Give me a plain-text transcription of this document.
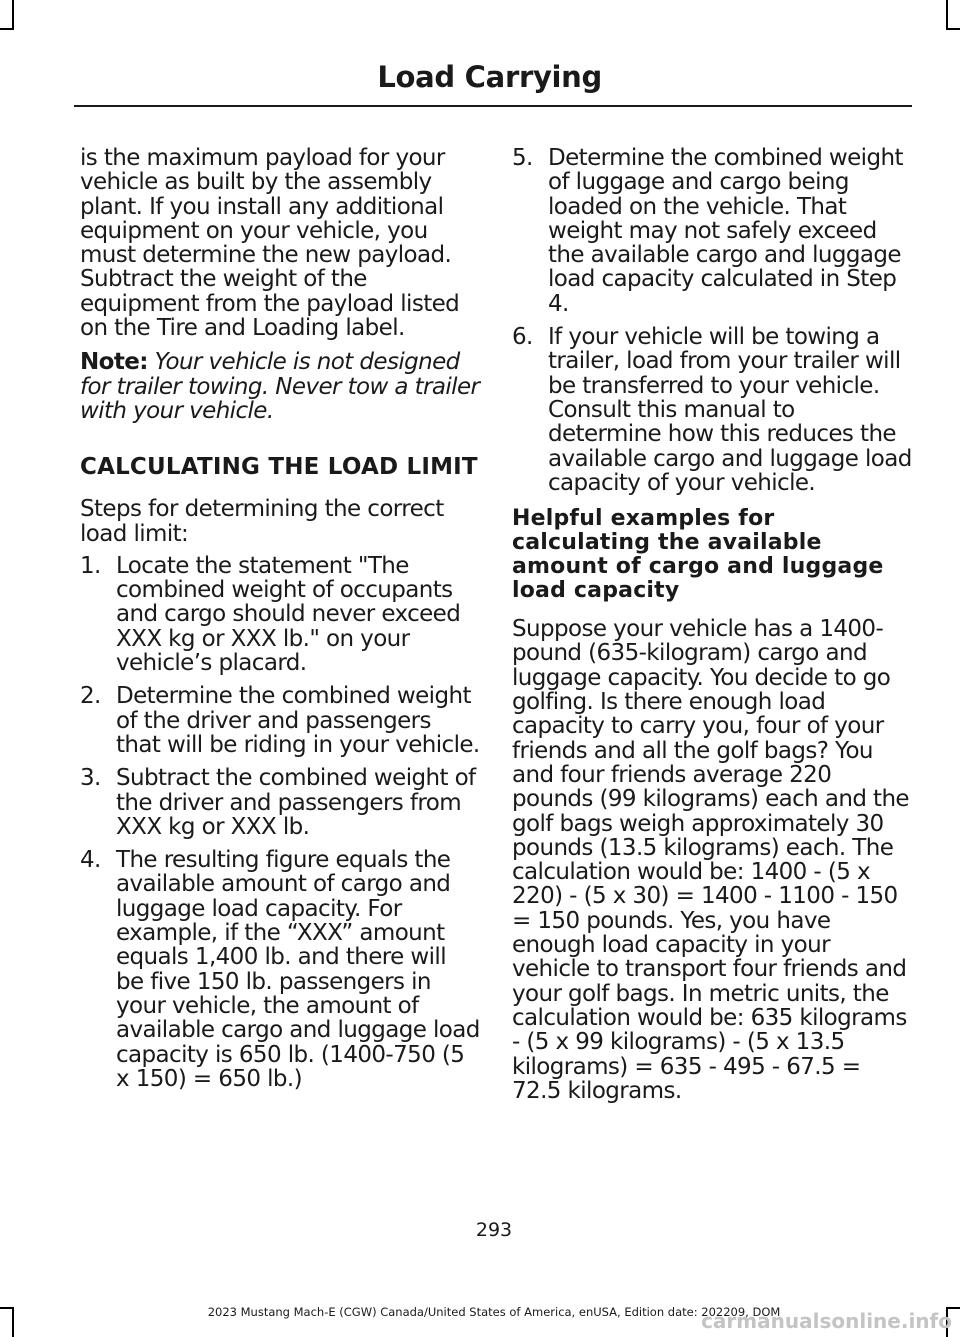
Load Carrying

is the maximum payload for your vehicle as built by the assembly plant. If you install any additional equipment on your vehicle, you must determine the new payload. Subtract the weight of the equipment from the payload listed on the Tire and Loading label.

Note: Your vehicle is not designed for trailer towing. Never tow a trailer with your vehicle.

CALCULATING THE LOAD LIMIT

Steps for determining the correct load limit:

1. Locate the statement "The combined weight of occupants and cargo should never exceed XXX kg or XXX lb." on your vehicle’s placard.
2. Determine the combined weight of the driver and passengers that will be riding in your vehicle.
3. Subtract the combined weight of the driver and passengers from XXX kg or XXX lb.
4. The resulting figure equals the available amount of cargo and luggage load capacity. For example, if the “XXX” amount equals 1,400 lb. and there will be five 150 lb. passengers in your vehicle, the amount of available cargo and luggage load capacity is 650 lb. (1400-750 (5 x 150) = 650 lb.)
5. Determine the combined weight of luggage and cargo being loaded on the vehicle. That weight may not safely exceed the available cargo and luggage load capacity calculated in Step 4.
6. If your vehicle will be towing a trailer, load from your trailer will be transferred to your vehicle. Consult this manual to determine how this reduces the available cargo and luggage load capacity of your vehicle.
Helpful examples for calculating the available amount of cargo and luggage load capacity

Suppose your vehicle has a 1400-pound (635-kilogram) cargo and luggage capacity. You decide to go golfing. Is there enough load capacity to carry you, four of your friends and all the golf bags? You and four friends average 220 pounds (99 kilograms) each and the golf bags weigh approximately 30 pounds (13.5 kilograms) each. The calculation would be: 1400 - (5 x 220) - (5 x 30) = 1400 - 1100 - 150 = 150 pounds. Yes, you have enough load capacity in your vehicle to transport four friends and your golf bags. In metric units, the calculation would be: 635 kilograms - (5 x 99 kilograms) - (5 x 13.5 kilograms) = 635 - 495 - 67.5 = 72.5 kilograms.

293
2023 Mustang Mach-E (CGW) Canada/United States of America, enUSA, Edition date: 202209, DOM
carmanualsonline.info
